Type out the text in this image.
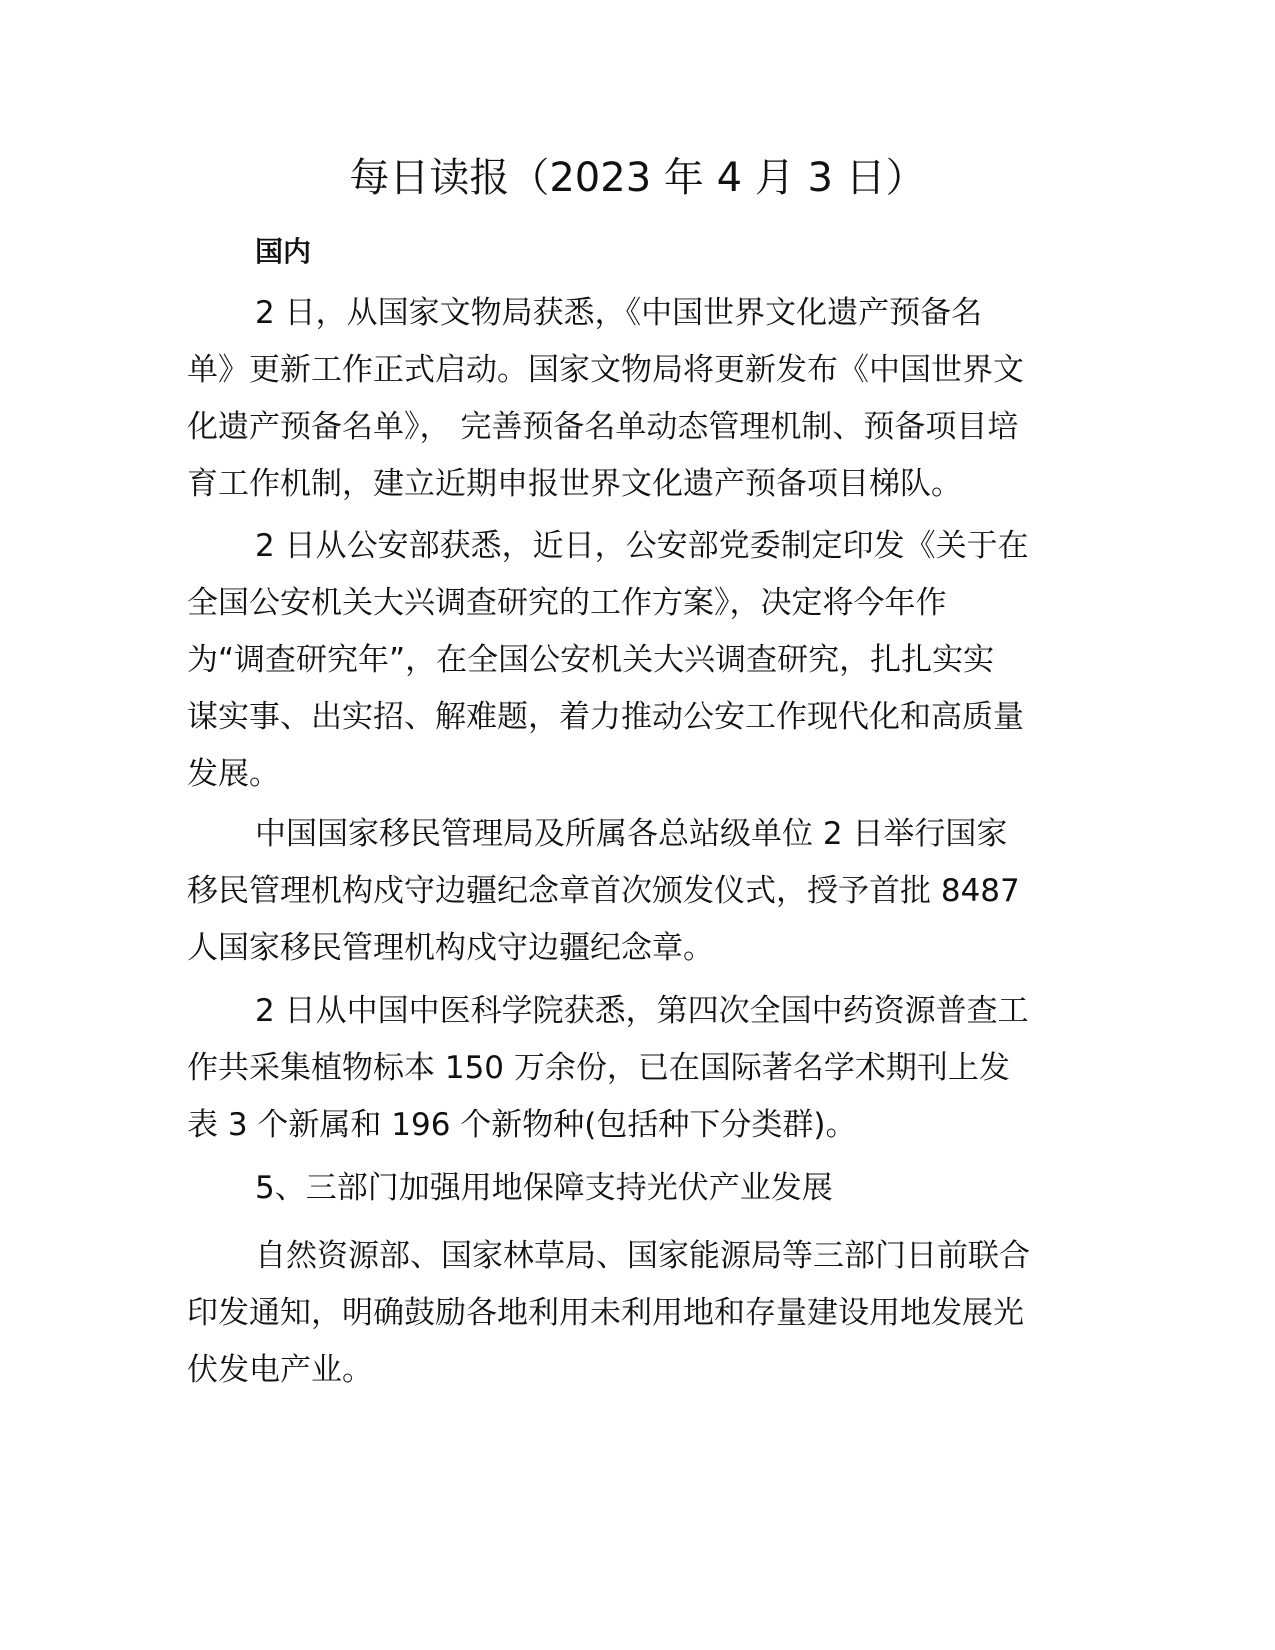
每日读报（2023 年 4 月 3 日）
国内

2 日，从国家文物局获悉，《中国世界文化遗产预备名
单》更新工作正式启动。国家文物局将更新发布《中国世界文
化遗产预备名单》， 完善预备名单动态管理机制、预备项目培
育工作机制，建立近期申报世界文化遗产预备项目梯队。

2 日从公安部获悉，近日，公安部党委制定印发《关于在
全国公安机关大兴调查研究的工作方案》，决定将今年作
为“调查研究年”，在全国公安机关大兴调查研究，扎扎实实
谋实事、出实招、解难题，着力推动公安工作现代化和高质量
发展。

中国国家移民管理局及所属各总站级单位 2 日举行国家
移民管理机构戍守边疆纪念章首次颁发仪式，授予首批 8487
人国家移民管理机构戍守边疆纪念章。

2 日从中国中医科学院获悉，第四次全国中药资源普查工
作共采集植物标本 150 万余份，已在国际著名学术期刊上发
表 3 个新属和 196 个新物种(包括种下分类群)。

5、三部门加强用地保障支持光伏产业发展

自然资源部、国家林草局、国家能源局等三部门日前联合
印发通知，明确鼓励各地利用未利用地和存量建设用地发展光
伏发电产业。
